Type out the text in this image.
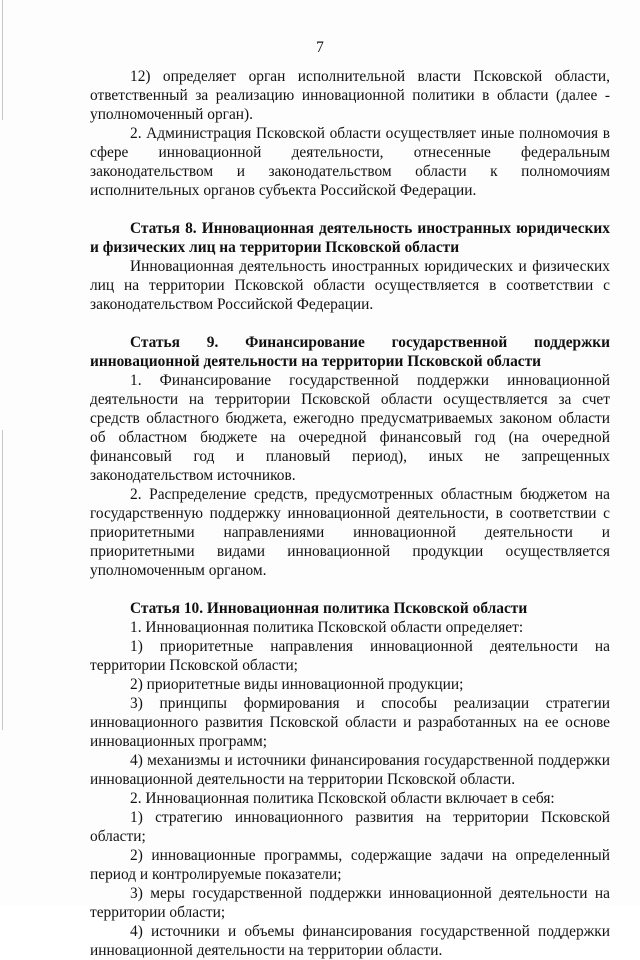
7

12) определяет орган исполнительной власти Псковской области, ответственный за реализацию инновационной политики в области (далее - уполномоченный орган).

2. Администрация Псковской области осуществляет иные полномочия в сфере инновационной деятельности, отнесенные федеральным законодательством и законодательством области к полномочиям исполнительных органов субъекта Российской Федерации.

Статья 8. Инновационная деятельность иностранных юридических и физических лиц на территории Псковской области

Инновационная деятельность иностранных юридических и физических лиц на территории Псковской области осуществляется в соответствии с законодательством Российской Федерации.

Статья 9. Финансирование государственной поддержки инновационной деятельности на территории Псковской области

1. Финансирование государственной поддержки инновационной деятельности на территории Псковской области осуществляется за счет средств областного бюджета, ежегодно предусматриваемых законом области об областном бюджете на очередной финансовый год (на очередной финансовый год и плановый период), иных не запрещенных законодательством источников.

2. Распределение средств, предусмотренных областным бюджетом на государственную поддержку инновационной деятельности, в соответствии с приоритетными направлениями инновационной деятельности и приоритетными видами инновационной продукции осуществляется уполномоченным органом.

Статья 10. Инновационная политика Псковской области

1. Инновационная политика Псковской области определяет:

1) приоритетные направления инновационной деятельности на территории Псковской области;

2) приоритетные виды инновационной продукции;

3) принципы формирования и способы реализации стратегии инновационного развития Псковской области и разработанных на ее основе инновационных программ;

4) механизмы и источники финансирования государственной поддержки инновационной деятельности на территории Псковской области.

2. Инновационная политика Псковской области включает в себя:

1) стратегию инновационного развития на территории Псковской области;

2) инновационные программы, содержащие задачи на определенный период и контролируемые показатели;

3) меры государственной поддержки инновационной деятельности на территории области;

4) источники и объемы финансирования государственной поддержки инновационной деятельности на территории области.
